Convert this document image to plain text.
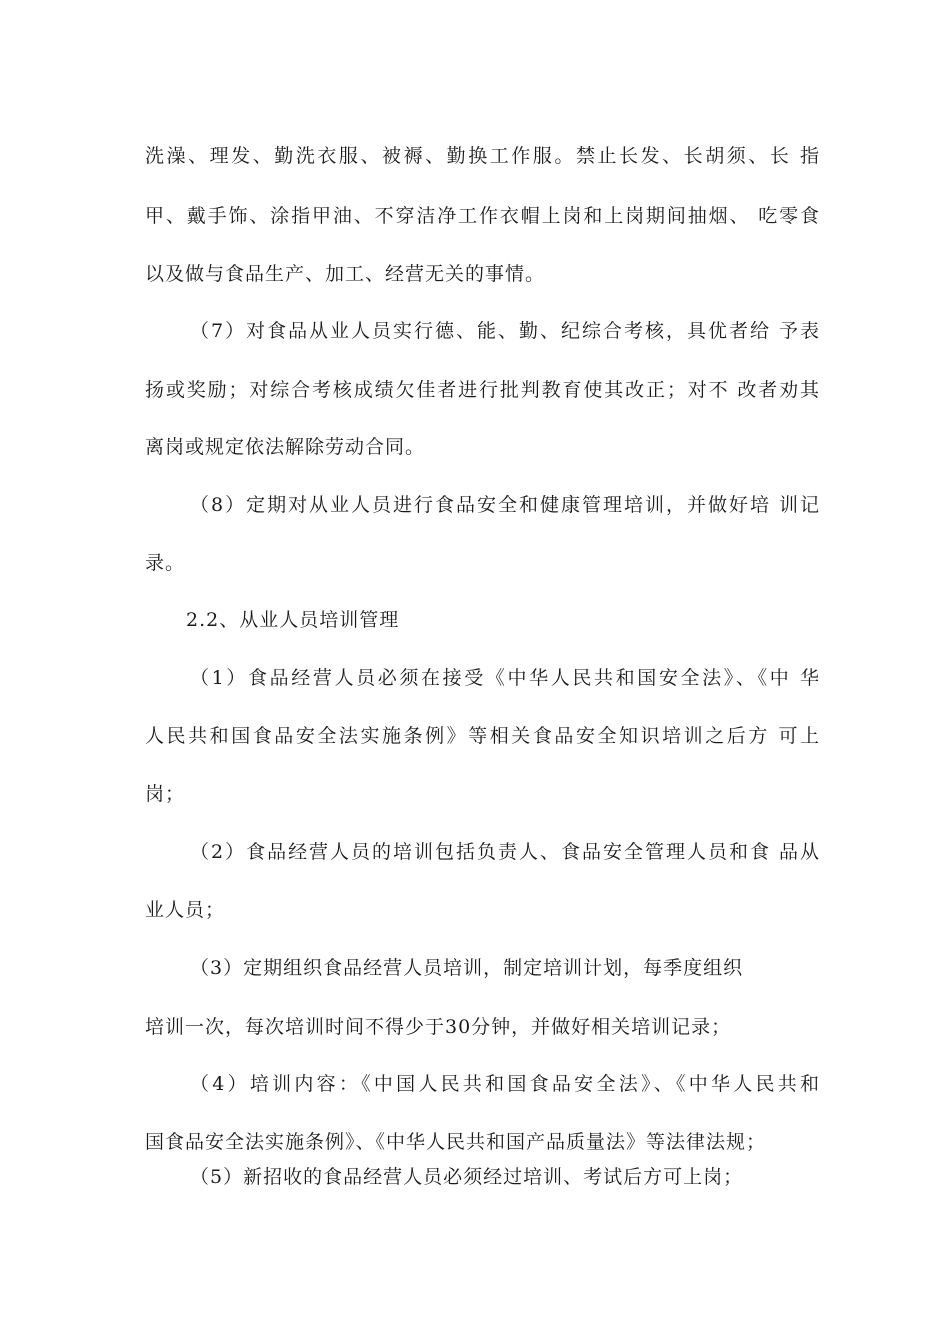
洗澡、理发、勤洗衣服、被褥、勤换工作服。禁止长发、长胡须、长 指
甲、戴手饰、涂指甲油、不穿洁净工作衣帽上岗和上岗期间抽烟、 吃零食
以及做与食品生产、加工、经营无关的事情。
（7）对食品从业人员实行德、能、勤、纪综合考核，具优者给 予表
扬或奖励；对综合考核成绩欠佳者进行批判教育使其改正；对不 改者劝其
离岗或规定依法解除劳动合同。
（8）定期对从业人员进行食品安全和健康管理培训，并做好培 训记
录。
2.2、从业人员培训管理
（1）食品经营人员必须在接受《中华人民共和国安全法》、《中 华
人民共和国食品安全法实施条例》等相关食品安全知识培训之后方 可上
岗；
（2）食品经营人员的培训包括负责人、食品安全管理人员和食 品从
业人员；
（3）定期组织食品经营人员培训，制定培训计划，每季度组织
培训一次，每次培训时间不得少于30分钟，并做好相关培训记录；
（4）培训内容：《中国人民共和国食品安全法》、《中华人民共和
国食品安全法实施条例》、《中华人民共和国产品质量法》等法律法规；
（5）新招收的食品经营人员必须经过培训、考试后方可上岗；
